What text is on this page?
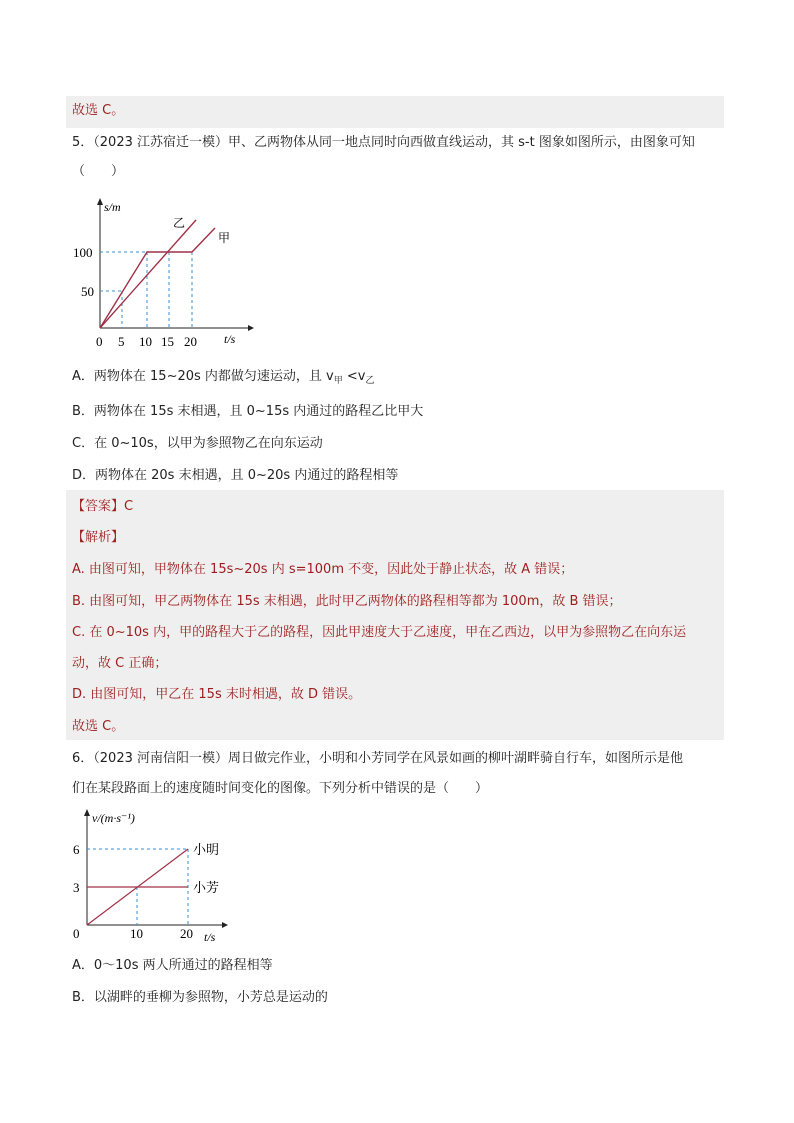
故选 C。
5．（2023 江苏宿迁一模）甲、乙两物体从同一地点同时向西做直线运动，其 s-t 图象如图所示，由图象可知
（　　）
s/m
t/s
100
50
0 5 10 15 20
乙
甲
A．两物体在 15~20s 内都做匀速运动，且 $v_甲 <v_乙$
B．两物体在 15s 末相遇，且 0~15s 内通过的路程乙比甲大
C．在 0~10s，以甲为参照物乙在向东运动
D．两物体在 20s 末相遇，且 0~20s 内通过的路程相等
【答案】C
【解析】
A. 由图可知，甲物体在 15s~20s 内 s=100m 不变，因此处于静止状态，故 A 错误；
B. 由图可知，甲乙两物体在 15s 末相遇，此时甲乙两物体的路程相等都为 100m，故 B 错误；
C. 在 0~10s 内，甲的路程大于乙的路程，因此甲速度大于乙速度，甲在乙西边，以甲为参照物乙在向东运
动，故 C 正确；
D. 由图可知，甲乙在 15s 末时相遇，故 D 错误。
故选 C。
6．（2023 河南信阳一模）周日做完作业，小明和小芳同学在风景如画的柳叶湖畔骑自行车，如图所示是他
们在某段路面上的速度随时间变化的图像。下列分析中错误的是（　　）
v/(m·s⁻¹)
t/s
6
3
0	10	20
小明
小芳
A．0～10s 两人所通过的路程相等
B．以湖畔的垂柳为参照物，小芳总是运动的
